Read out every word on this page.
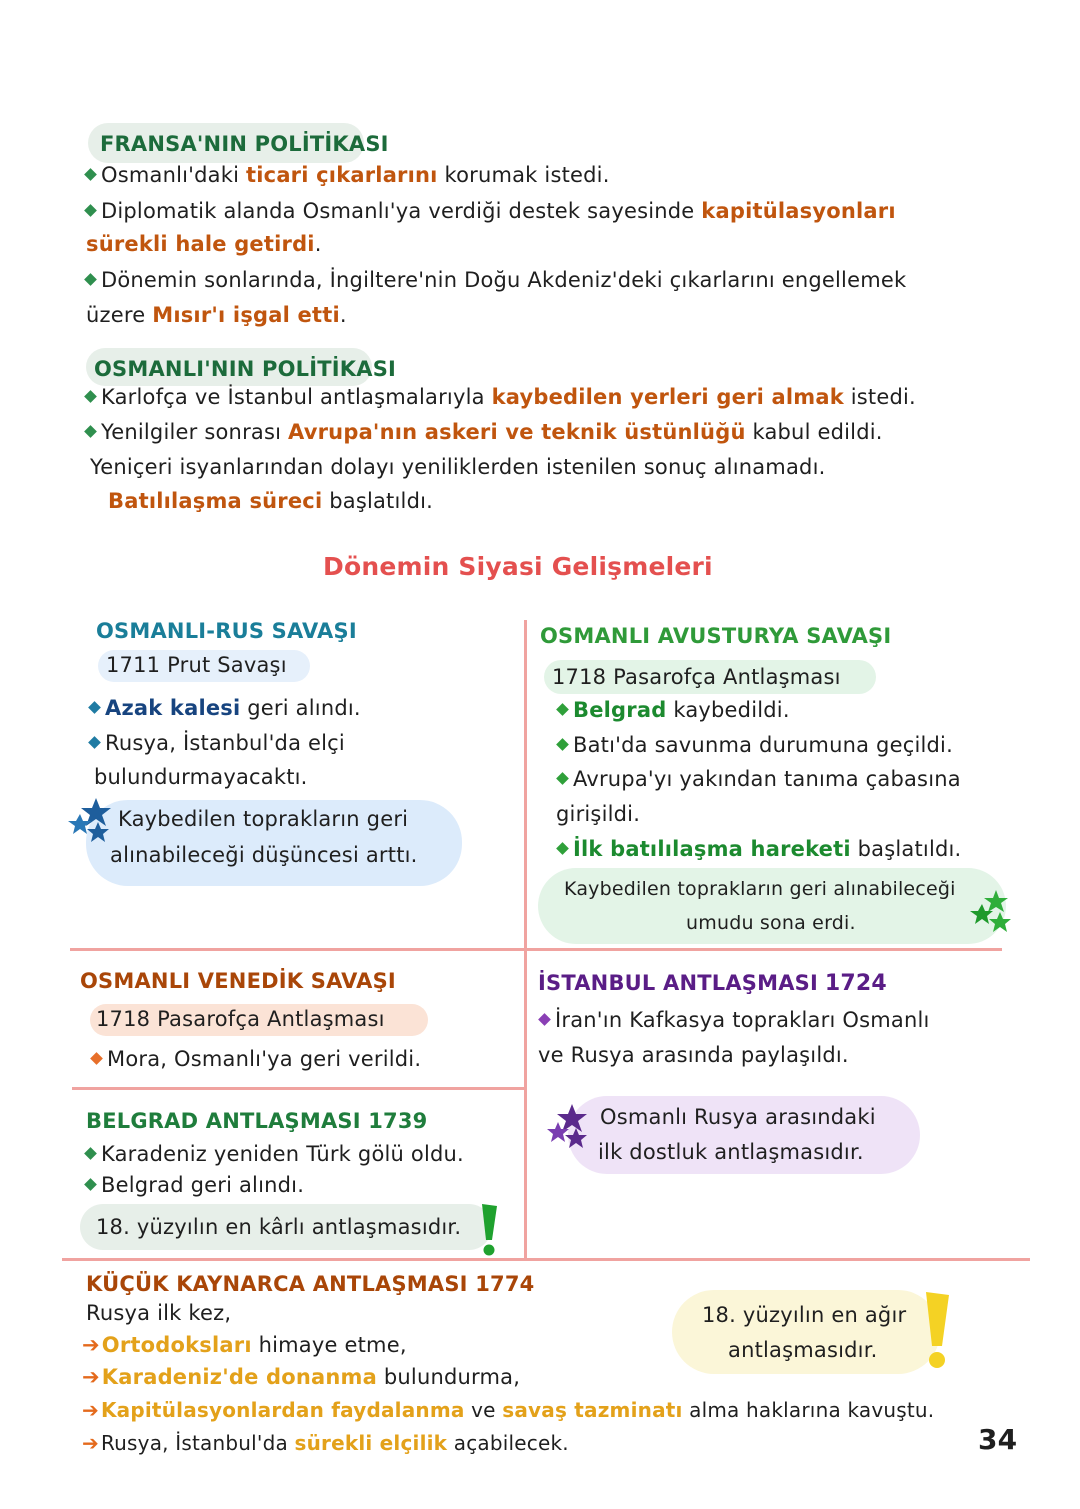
FRANSA'NIN POLİTİKASI
Osmanlı'daki ticari çıkarlarını korumak istedi.
Diplomatik alanda Osmanlı'ya verdiği destek sayesinde kapitülasyonları
sürekli hale getirdi.
Dönemin sonlarında, İngiltere'nin Doğu Akdeniz'deki çıkarlarını engellemek
üzere Mısır'ı işgal etti.
OSMANLI'NIN POLİTİKASI
Karlofça ve İstanbul antlaşmalarıyla kaybedilen yerleri geri almak istedi.
Yenilgiler sonrası Avrupa'nın askeri ve teknik üstünlüğü kabul edildi.
Yeniçeri isyanlarından dolayı yeniliklerden istenilen sonuç alınamadı.
Batılılaşma süreci başlatıldı.
Dönemin Siyasi Gelişmeleri
OSMANLI-RUS SAVAŞI
1711 Prut Savaşı
Azak kalesi geri alındı.
Rusya, İstanbul'da elçi
bulundurmayacaktı.
Kaybedilen toprakların geri
alınabileceği düşüncesi arttı.
OSMANLI AVUSTURYA SAVAŞI
1718 Pasarofça Antlaşması
Belgrad kaybedildi.
Batı'da savunma durumuna geçildi.
Avrupa'yı yakından tanıma çabasına
girişildi.
İlk batılılaşma hareketi başlatıldı.
Kaybedilen toprakların geri alınabileceği
umudu sona erdi.
OSMANLI VENEDİK SAVAŞI
1718 Pasarofça Antlaşması
Mora, Osmanlı'ya geri verildi.
İSTANBUL ANTLAŞMASI 1724
İran'ın Kafkasya toprakları Osmanlı
ve Rusya arasında paylaşıldı.
Osmanlı Rusya arasındaki
ilk dostluk antlaşmasıdır.
BELGRAD ANTLAŞMASI 1739
Karadeniz yeniden Türk gölü oldu.
Belgrad geri alındı.
18. yüzyılın en kârlı antlaşmasıdır.
KÜÇÜK KAYNARCA ANTLAŞMASI 1774
Rusya ilk kez,
➔Ortodoksları himaye etme,
➔Karadeniz'de donanma bulundurma,
➔ Kapitülasyonlardan faydalanma ve savaş tazminatı alma haklarına kavuştu.
➔ Rusya, İstanbul'da sürekli elçilik açabilecek.
18. yüzyılın en ağır
antlaşmasıdır.
34
